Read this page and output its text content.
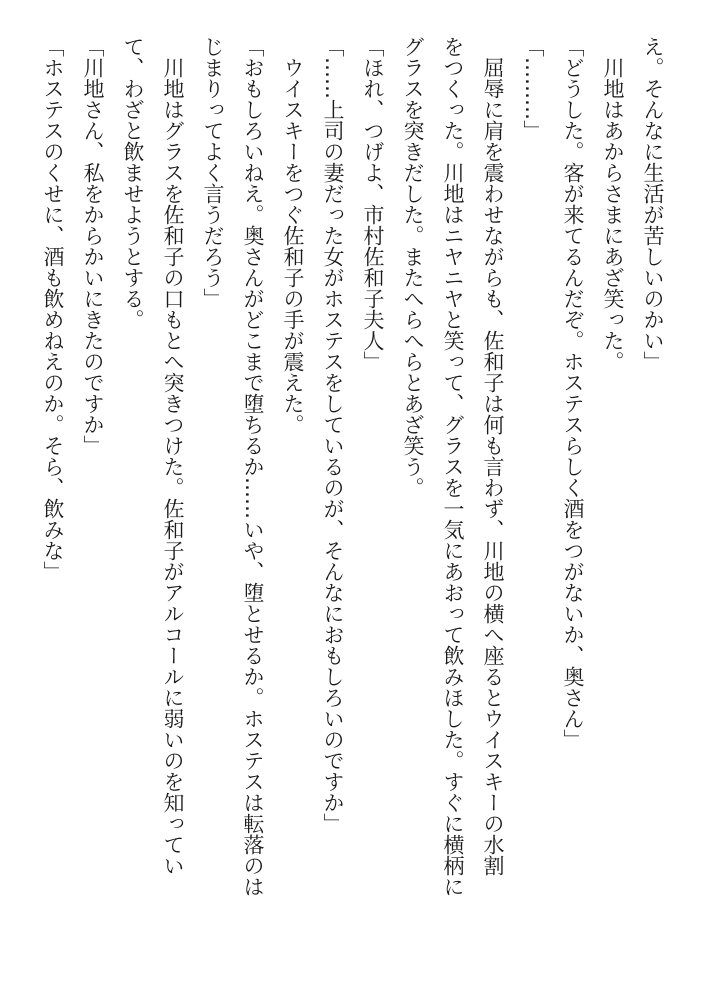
え。そんなに生活が苦しいのかい」

　川地はあからさまにあざ笑った。

「どうした。客が来てるんだぞ。ホステスらしく酒をつがないか、奥さん」

「………」

　屈辱に肩を震わせながらも、佐和子は何も言わず、川地の横へ座るとウイスキーの水割

をつくった。川地はニヤニヤと笑って、グラスを一気にあおって飲みほした。すぐに横柄に

グラスを突きだした。またへらへらとあざ笑う。

「ほれ、つげよ、市村佐和子夫人」

「……上司の妻だった女がホステスをしているのが、そんなにおもしろいのですか」

　ウイスキーをつぐ佐和子の手が震えた。

「おもしろいねえ。奥さんがどこまで堕ちるか……いや、堕とせるか。ホステスは転落のは

じまりってよく言うだろう」

　川地はグラスを佐和子の口もとへ突きつけた。佐和子がアルコールに弱いのを知ってい

て、わざと飲ませようとする。

「川地さん、私をからかいにきたのですか」

「ホステスのくせに、酒も飲めねえのか。そら、飲みな」
